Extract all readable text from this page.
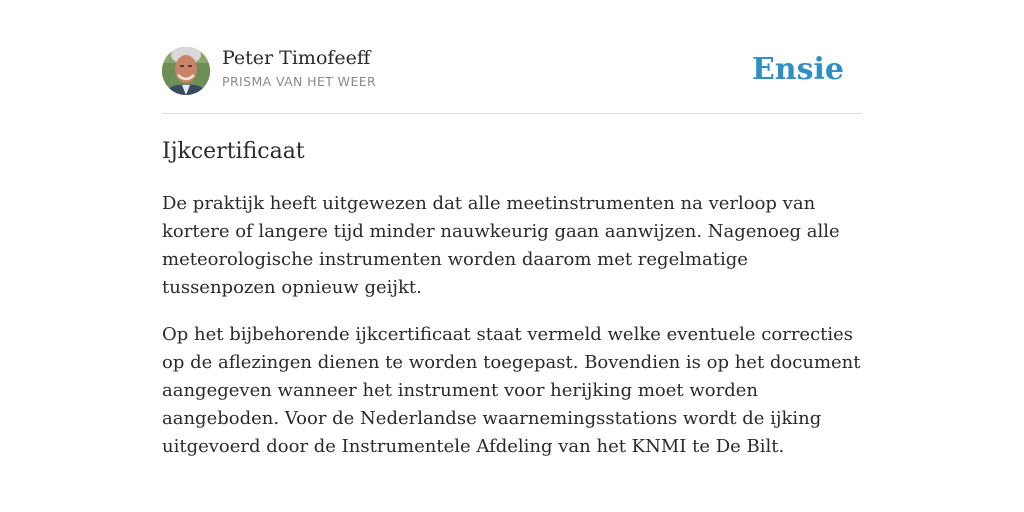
Peter Timofeeff
PRISMA VAN HET WEER	Ensie
Ijkcertificaat

De praktijk heeft uitgewezen dat alle meetinstrumenten na verloop van kortere of langere tijd minder nauwkeurig gaan aanwijzen. Nagenoeg alle meteorologische instrumenten worden daarom met regelmatige tussenpozen opnieuw geijkt.

Op het bijbehorende ijkcertificaat staat vermeld welke eventuele correcties op de aflezingen dienen te worden toegepast. Bovendien is op het document aangegeven wanneer het instrument voor herijking moet worden aangeboden. Voor de Nederlandse waarnemingsstations wordt de ijking uitgevoerd door de Instrumentele Afdeling van het KNMI te De Bilt.
